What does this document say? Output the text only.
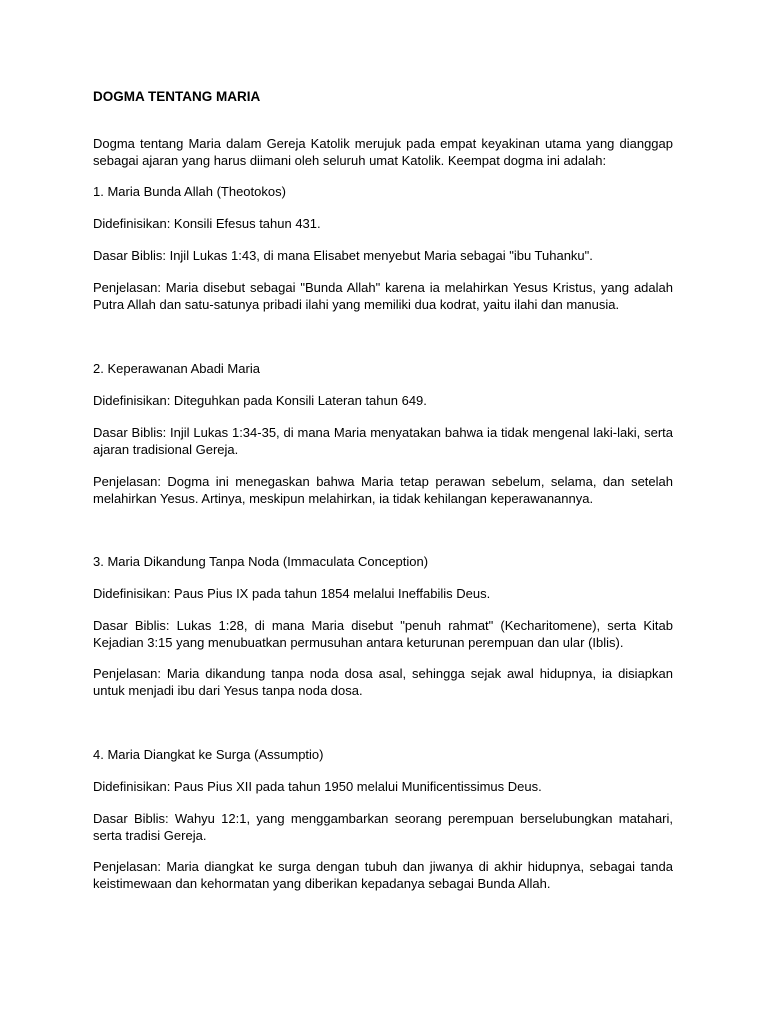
DOGMA TENTANG MARIA

Dogma tentang Maria dalam Gereja Katolik merujuk pada empat keyakinan utama yang dianggap sebagai ajaran yang harus diimani oleh seluruh umat Katolik. Keempat dogma ini adalah:

1. Maria Bunda Allah (Theotokos)

Didefinisikan: Konsili Efesus tahun 431.

Dasar Biblis: Injil Lukas 1:43, di mana Elisabet menyebut Maria sebagai "ibu Tuhanku".

Penjelasan: Maria disebut sebagai "Bunda Allah" karena ia melahirkan Yesus Kristus, yang adalah Putra Allah dan satu-satunya pribadi ilahi yang memiliki dua kodrat, yaitu ilahi dan manusia.

2. Keperawanan Abadi Maria

Didefinisikan: Diteguhkan pada Konsili Lateran tahun 649.

Dasar Biblis: Injil Lukas 1:34-35, di mana Maria menyatakan bahwa ia tidak mengenal laki-laki, serta ajaran tradisional Gereja.

Penjelasan: Dogma ini menegaskan bahwa Maria tetap perawan sebelum, selama, dan setelah melahirkan Yesus. Artinya, meskipun melahirkan, ia tidak kehilangan keperawanannya.

3. Maria Dikandung Tanpa Noda (Immaculata Conception)

Didefinisikan: Paus Pius IX pada tahun 1854 melalui Ineffabilis Deus.

Dasar Biblis: Lukas 1:28, di mana Maria disebut "penuh rahmat" (Kecharitomene), serta Kitab Kejadian 3:15 yang menubuatkan permusuhan antara keturunan perempuan dan ular (Iblis).

Penjelasan: Maria dikandung tanpa noda dosa asal, sehingga sejak awal hidupnya, ia disiapkan untuk menjadi ibu dari Yesus tanpa noda dosa.

4. Maria Diangkat ke Surga (Assumptio)

Didefinisikan: Paus Pius XII pada tahun 1950 melalui Munificentissimus Deus.

Dasar Biblis: Wahyu 12:1, yang menggambarkan seorang perempuan berselubungkan matahari, serta tradisi Gereja.

Penjelasan: Maria diangkat ke surga dengan tubuh dan jiwanya di akhir hidupnya, sebagai tanda keistimewaan dan kehormatan yang diberikan kepadanya sebagai Bunda Allah.
